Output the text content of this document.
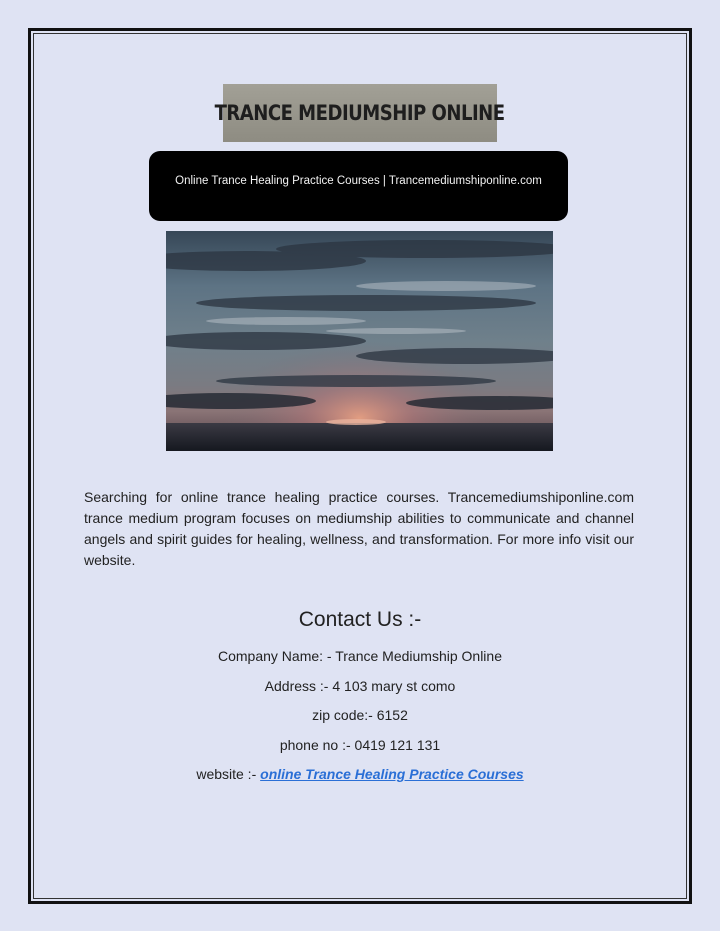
TRANCE MEDIUMSHIP ONLINE
Online Trance Healing Practice Courses | Trancemediumshiponline.com
Searching for online trance healing practice courses. Trancemediumshiponline.com trance medium program focuses on mediumship abilities to communicate and channel angels and spirit guides for healing, wellness, and transformation. For more info visit our website.
Contact Us :-
Company Name: - Trance Mediumship Online
Address :- 4 103 mary st como
zip code:- 6152
phone no :- 0419 121 131
website :- online Trance Healing Practice Courses
